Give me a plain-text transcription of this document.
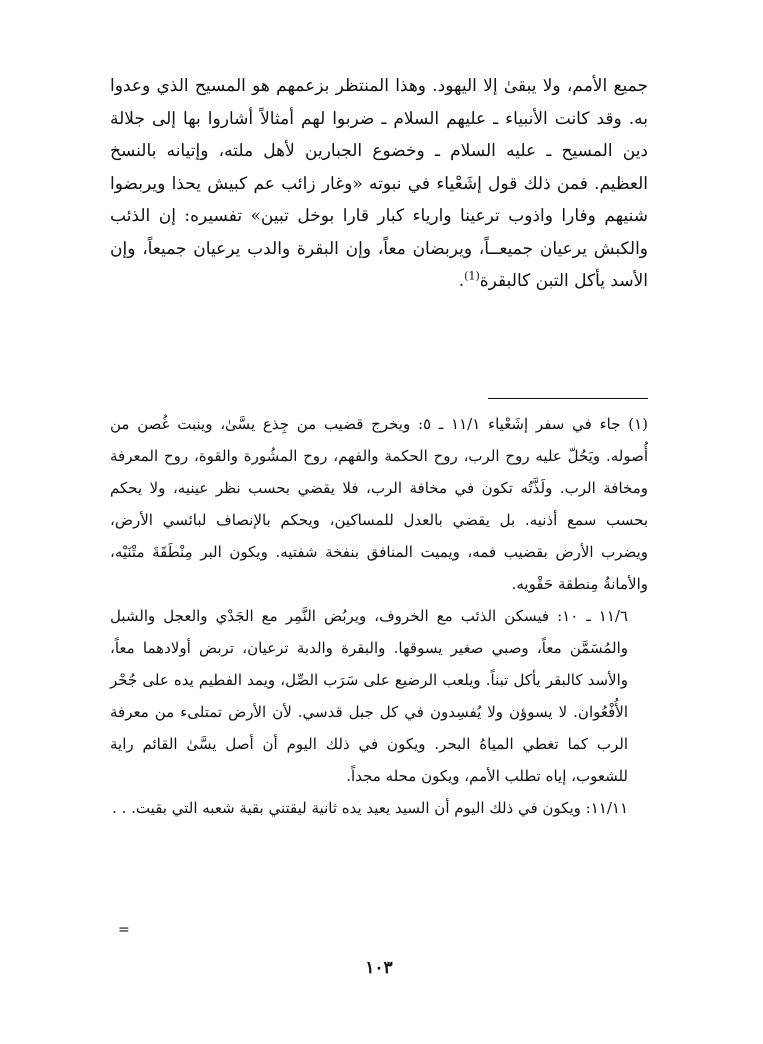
جميع الأمم، ولا يبقىٰ إلا اليهود. وهذا المنتظر بزعمهم هو المسيح الذي وعدوا به. وقد كانت الأنبياء ـ عليهم السلام ـ ضربوا لهم أمثالاً أشاروا بها إلى جلالة دين المسيح ـ عليه السلام ـ وخضوع الجبارين لأهل ملته، وإتيانه بالنسخ العظيم. فمن ذلك قول إشَعْياء في نبوته «وغار زائب عم كبيش يحذا ويربضوا شنيهم وفارا واذوب ترعينا وارياء كبار قارا بوخل تبين» تفسيره: إن الذئب والكبش يرعيان جميعــاً، ويربضان معاً، وإن البقرة والدب يرعيان جميعاً، وإن الأسد يأكل التبن كالبقرة$^{(1)}$.

(١) جاء في سفر إشَعْياء ١١/١ ـ ٥: ويخرج قضيب من جِذع يسَّىٰ، وينبت غُصن من أُصوله. ويَحُلّ عليه روح الرب، روح الحكمة والفهم، روح المشُورة والقوة، روح المعرفة ومخافة الرب. ولَذَّتُه تكون في مخافة الرب، فلا يقضي بحسب نظر عينيه، ولا يحكم بحسب سمع أذنيه. بل يقضي بالعدل للمساكين، ويحكم بالإنصاف لبائسي الأرض، ويضرب الأرض بقضيب فمه، ويميت المنافق بنفخة شفتيه. ويكون البر مِنْطَقَةَ متْنَيْه، والأمانةُ مِنطقة حَقْويه.

١١/٦ ـ ١٠: فيسكن الذئب مع الخروف، ويربُض النَّمِر مع الجَدْي والعجل والشبل والمُسَمَّن معاً، وصبي صغير يسوقها. والبقرة والدبة ترعيان، تربض أولادهما معاً، والأسد كالبقر يأكل تبناً. ويلعب الرضيع على سَرَب الصِّل، ويمد الفطيم يده على جُحْر الأُفْعُوان. لا يسوؤن ولا يُفسِدون في كل جبل قدسي. لأن الأرض تمتلىء من معرفة الرب كما تغطي المياهُ البحر. ويكون في ذلك اليوم أن أصل يسَّىٰ القائم راية للشعوب، إياه تطلب الأمم، ويكون محله مجداً.

١١/١١: ويكون في ذلك اليوم أن السيد يعيد يده ثانية ليقتني بقية شعبه التي بقيت. . .

١٠٣
=
